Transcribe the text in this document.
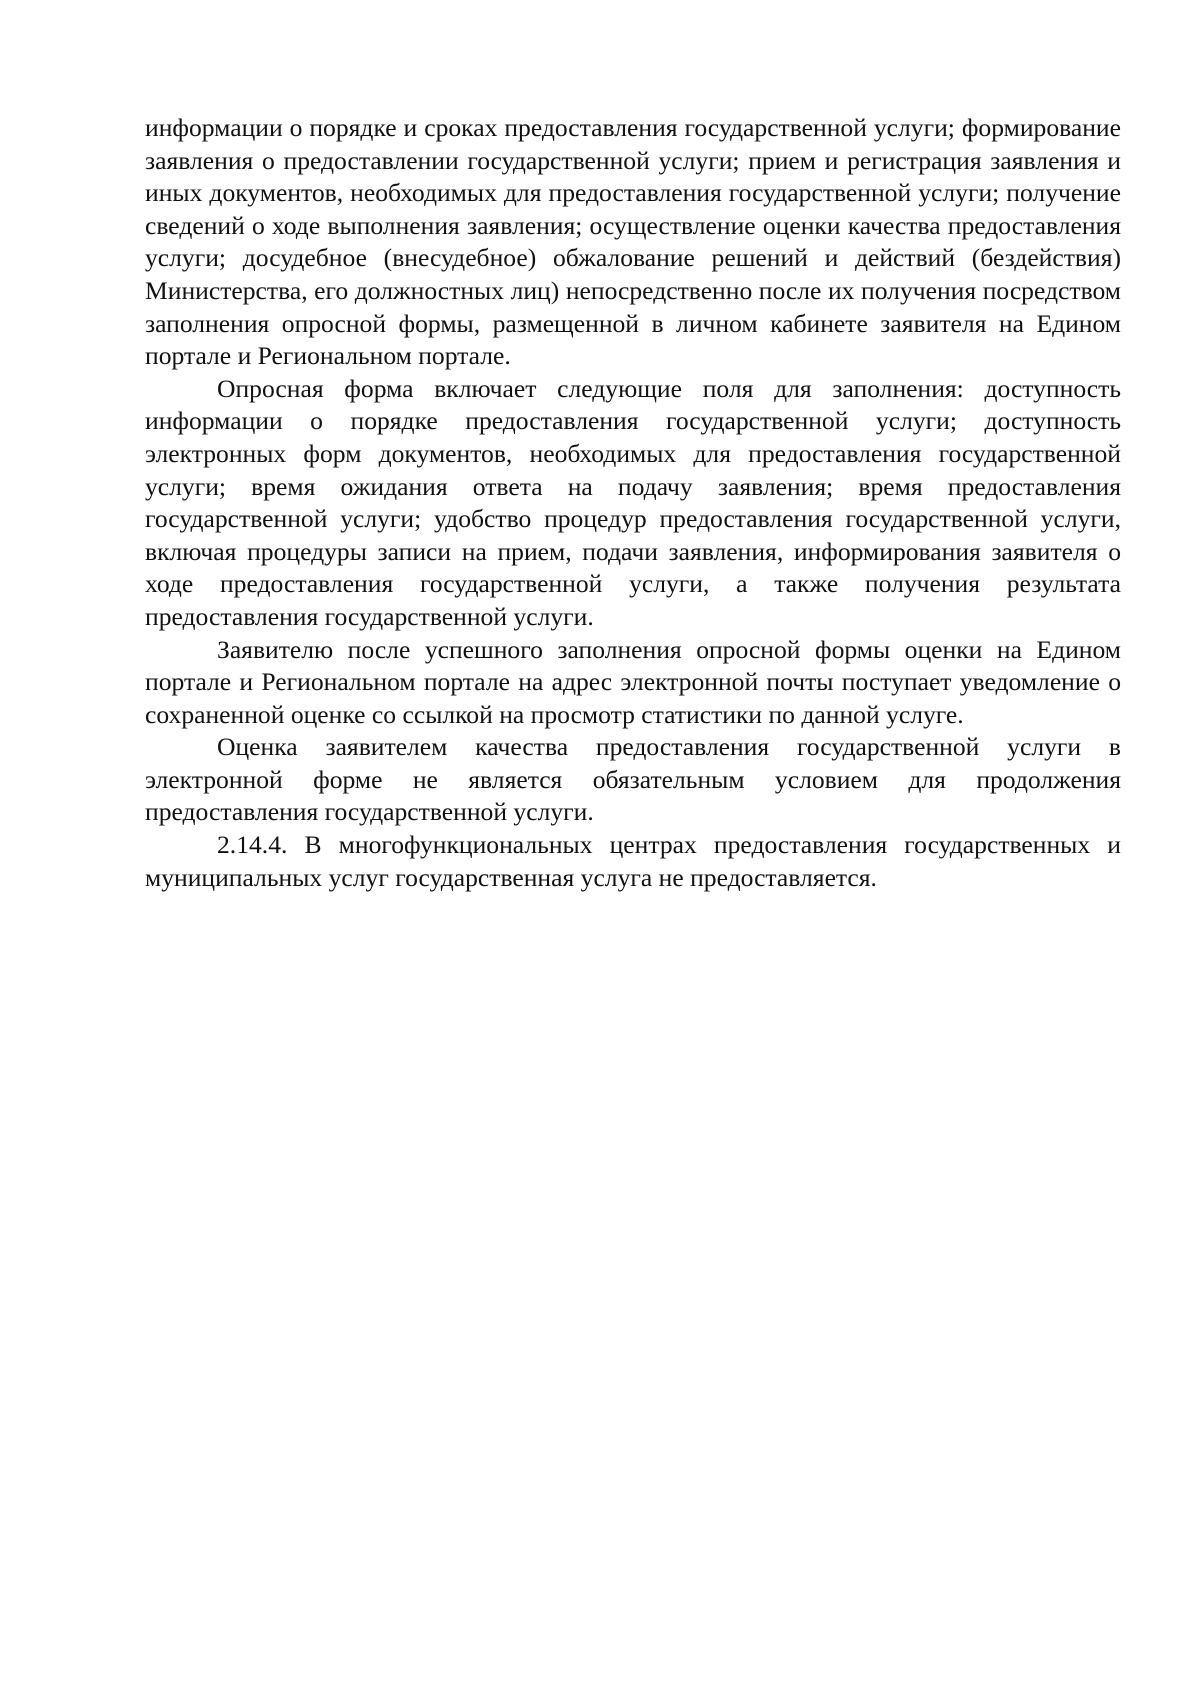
информации о порядке и сроках предоставления государственной услуги; формирование заявления о предоставлении государственной услуги; прием и регистрация заявления и иных документов, необходимых для предоставления государственной услуги; получение сведений о ходе выполнения заявления; осуществление оценки качества предоставления услуги; досудебное (внесудебное) обжалование решений и действий (бездействия) Министерства, его должностных лиц) непосредственно после их получения посредством заполнения опросной формы, размещенной в личном кабинете заявителя на Едином портале и Региональном портале.

Опросная форма включает следующие поля для заполнения: доступность информации о порядке предоставления государственной услуги; доступность электронных форм документов, необходимых для предоставления государственной услуги; время ожидания ответа на подачу заявления; время предоставления государственной услуги; удобство процедур предоставления государственной услуги, включая процедуры записи на прием, подачи заявления, информирования заявителя о ходе предоставления государственной услуги, а также получения результата предоставления государственной услуги.

Заявителю после успешного заполнения опросной формы оценки на Едином портале и Региональном портале на адрес электронной почты поступает уведомление о сохраненной оценке со ссылкой на просмотр статистики по данной услуге.

Оценка заявителем качества предоставления государственной услуги в электронной форме не является обязательным условием для продолжения предоставления государственной услуги.

2.14.4. В многофункциональных центрах предоставления государственных и муниципальных услуг государственная услуга не предоставляется.
